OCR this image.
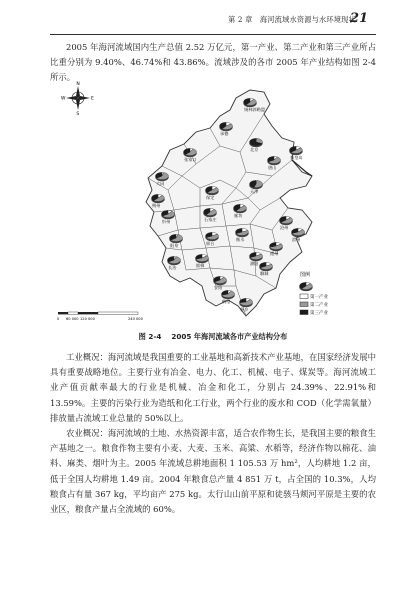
第 2 章　海河流域水资源与水环境现状
21
2005 年海河流域国内生产总值 2.52 万亿元，第一产业、第二产业和第三产业所占比重分别为 9.40%、46.74%和 43.86%。流域涉及的各市 2005 年产业结构如图 2-4 所示。
N
S
W	E
锡林郭勒盟
承德
张家口
大同
朔州
北京
唐山
秦皇岛
天津
保定
忻州
廊坊
沧州
阳泉
石家庄
衡水
长治
德州
邢台
邯郸
安阳
聊城
鹤壁
新乡
濮阳
滨州
0 60 000 120 000	240 000
图例
第一产业
第二产业
第三产业
图 2-4 2005 年海河流域各市产业结构分布
工业概况：海河流域是我国重要的工业基地和高新技术产业基地，在国家经济发展中具有重要战略地位。主要行业有冶金、电力、化工、机械、电子、煤炭等。海河流域工业产值贡献率最大的行业是机械、冶金和化工，分别占 24.39%、22.91%和 13.59%。主要的污染行业为造纸和化工行业，两个行业的废水和 COD（化学需氧量）排放量占流域工业总量的 50%以上。
农业概况：海河流域的土地、水热资源丰富，适合农作物生长，是我国主要的粮食生产基地之一。粮食作物主要有小麦、大麦、玉米、高粱、水稻等，经济作物以棉花、油料、麻类、烟叶为主。2005 年流域总耕地面积 1 105.53 万 hm²，人均耕地 1.2 亩，低于全国人均耕地 1.49 亩。2004 年粮食总产量 4 851 万 t，占全国的 10.3%，人均粮食占有量 367 kg，平均亩产 275 kg。太行山山前平原和徒骇马颊河平原是主要的农业区，粮食产量占全流域的 60%。
